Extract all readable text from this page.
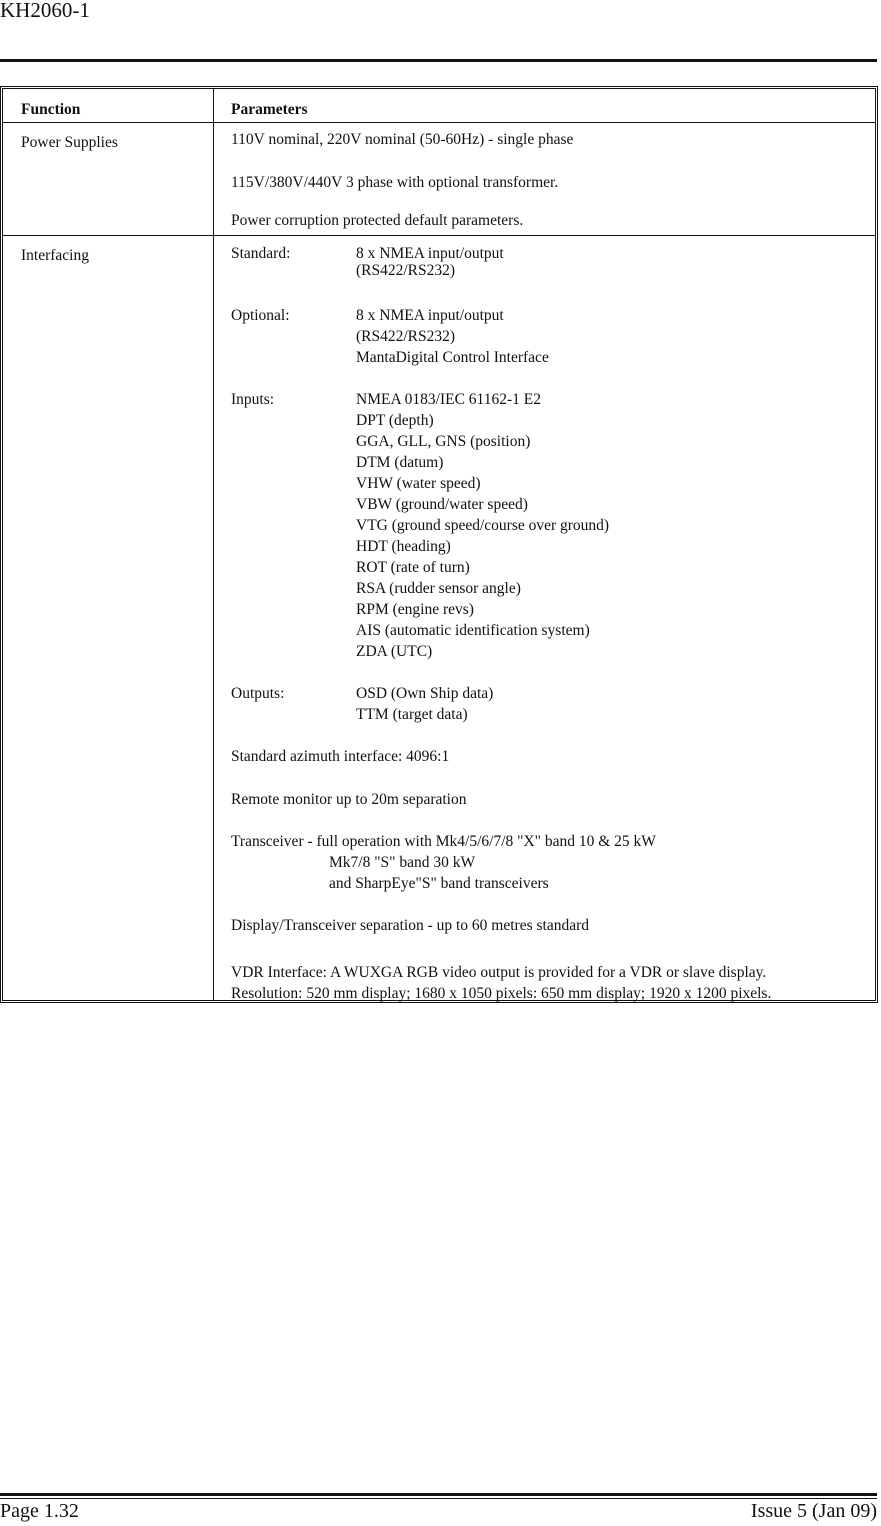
KH2060-1
Function	Parameters
Power Supplies	110V nominal, 220V nominal (50-60Hz) - single phase
115V/380V/440V 3 phase with optional transformer.
Power corruption protected default parameters.
Interfacing	Standard:	8 x NMEA input/output
(RS422/RS232)
Optional:	8 x NMEA input/output
(RS422/RS232)
MantaDigital Control Interface
Inputs:	NMEA 0183/IEC 61162-1 E2
DPT (depth)
GGA, GLL, GNS (position)
DTM (datum)
VHW (water speed)
VBW (ground/water speed)
VTG (ground speed/course over ground)
HDT (heading)
ROT (rate of turn)
RSA (rudder sensor angle)
RPM (engine revs)
AIS (automatic identification system)
ZDA (UTC)
Outputs:	OSD (Own Ship data)
TTM (target data)
Standard azimuth interface: 4096:1
Remote monitor up to 20m separation
Transceiver - full operation with Mk4/5/6/7/8 "X" band 10 & 25 kW
Mk7/8 "S" band 30 kW
and SharpEye"S" band transceivers
Display/Transceiver separation - up to 60 metres standard
VDR Interface: A WUXGA RGB video output is provided for a VDR or slave display.
Resolution: 520 mm display; 1680 x 1050 pixels: 650 mm display; 1920 x 1200 pixels.
Page 1.32	Issue 5 (Jan 09)
